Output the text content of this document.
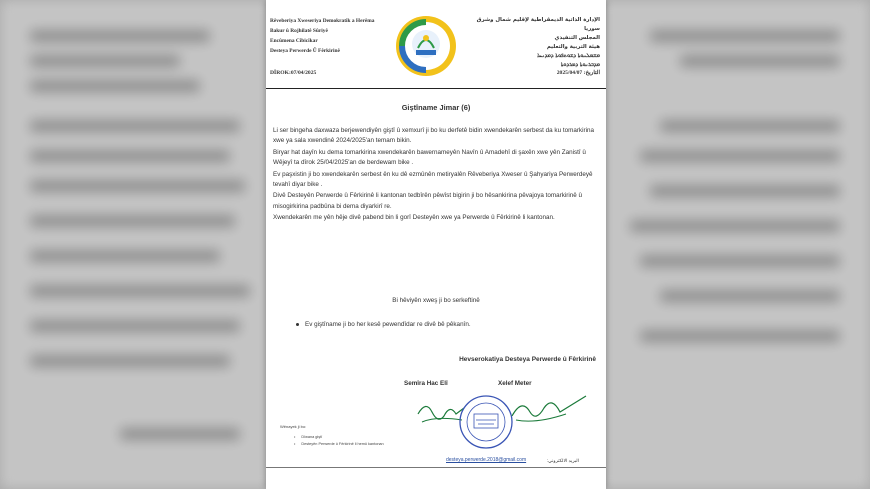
Rêveberiya Xweseriya Demokratîk a Herêma
Bakur û Rojhilatê Sûriyê
Encûmena Cîbicîkar
Desteya Perwerde Û Fêrkirinê
الإدارة الذاتية الديمقراطية لإقليم شمال وشرق سوريا
المجلس التنفيذي
هيئة التربية والتعليم
ܡܫܡܠܢܘܬܐ ܕܫܘܬܦܘܬܐ ܕܡܕܢܚܐ
ܡܕܒܪܢܘܬܐ ܕܡܪܕܘܬܐ
DÎROK:07/04/2025	التاريخ: 2025/04/07
Giştîname Jimar (6)

Li ser bingeha daxwaza berjewendiyên giştî û xemxurî ji bo ku derfetê bidin xwendekarên serbest da ku tomarkirina xwe ya sala xwendinê 2024/2025'an temam bikin.

Biryar hat dayîn ku dema tomarkirina xwendekarên bawernameyên Navîn û Amadehî di şaxên xwe yên Zanistî û Wêjeyî ta dîrok 25/04/2025'an de berdewam bike .

Ev paşxistin ji bo xwendekarên serbest ên ku dê ezmûnên metiryalên Rêveberiya Xweser û Şahyariya Perwerdeyê tevahî diyar bike .

Divê Desteyên Perwerde û Fêrkirinê li kantonan tedbîrên pêwîst bigirin ji bo hêsankirina pêvajoya tomarkirinê û misogirkirina padbûna bi dema diyarkirî re.

Xwendekarên me yên hêje divê pabend bin li gorî Desteyên xwe ya Perwerde û Fêrkirinê li kantonan.

Bi hêviyên xweş ji bo serkeftinê
Ev giştîname ji bo her kesê pewendîdar re divê bê pêkanîn.
Hevserokatiya Desteya Perwerde û Fêrkirinê
Semîra Hac Elî	Xelef Meter
Wênayek ji bo:
• Dîwana giştî
• Desteyên Perwerde û Fêrkirinê li hemû kantonan
desteya.perwerde.2018@gmail.com	البريد الالكتروني:
